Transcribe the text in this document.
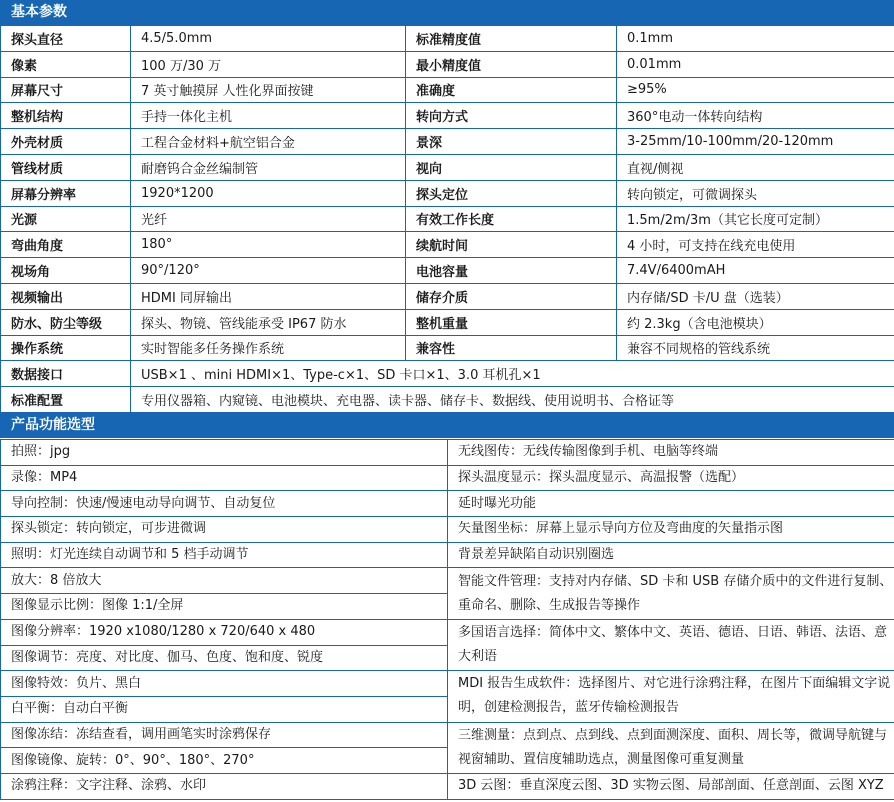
基本参数
探头直径	4.5/5.0mm	标准精度值	0.1mm
像素	100 万/30 万	最小精度值	0.01mm
屏幕尺寸	7 英寸触摸屏 人性化界面按键	准确度	≥95%
整机结构	手持一体化主机	转向方式	360°电动一体转向结构
外壳材质	工程合金材料+航空铝合金	景深	3-25mm/10-100mm/20-120mm
管线材质	耐磨钨合金丝编制管	视向	直视/侧视
屏幕分辨率	1920*1200	探头定位	转向锁定，可微调探头
光源	光纤	有效工作长度	1.5m/2m/3m（其它长度可定制）
弯曲角度	180°	续航时间	4 小时，可支持在线充电使用
视场角	90°/120°	电池容量	7.4V/6400mAH
视频输出	HDMI 同屏输出	储存介质	内存储/SD 卡/U 盘（选装）
防水、防尘等级	探头、物镜、管线能承受 IP67 防水	整机重量	约 2.3kg（含电池模块）
操作系统	实时智能多任务操作系统	兼容性	兼容不同规格的管线系统
数据接口	USB×1 、mini HDMI×1、Type-c×1、SD 卡口×1、3.0 耳机孔×1		
标准配置	专用仪器箱、内窥镜、电池模块、充电器、读卡器、储存卡、数据线、使用说明书、合格证等		
产品功能选型
拍照：jpg	无线图传：无线传输图像到手机、电脑等终端
录像：MP4	探头温度显示：探头温度显示、高温报警（选配）
导向控制：快速/慢速电动导向调节、自动复位	延时曝光功能
探头锁定：转向锁定，可步进微调	矢量图坐标：屏幕上显示导向方位及弯曲度的矢量指示图
照明：灯光连续自动调节和 5 档手动调节	背景差异缺陷自动识别圈选
放大：8 倍放大	智能文件管理：支持对内存储、SD 卡和 USB 存储介质中的文件进行复制、重命名、删除、生成报告等操作
图像显示比例：图像 1:1/全屏	
图像分辨率：1920 x1080/1280 x 720/640 x 480	多国语言选择：简体中文、繁体中文、英语、德语、日语、韩语、法语、意大利语
图像调节：亮度、对比度、伽马、色度、饱和度、锐度	
图像特效：负片、黑白	MDI 报告生成软件：选择图片、对它进行涂鸦注释，在图片下面编辑文字说明，创建检测报告，蓝牙传输检测报告
白平衡：自动白平衡	
图像冻结：冻结查看，调用画笔实时涂鸦保存	三维测量：点到点、点到线、点到面测深度、面积、周长等，微调导航键与视窗辅助、置信度辅助选点，测量图像可重复测量
图像镜像、旋转：0°、90°、180°、270°	
涂鸦注释：文字注释、涂鸦、水印	3D 云图：垂直深度云图、3D 实物云图、局部剖面、任意剖面、云图 XYZ
